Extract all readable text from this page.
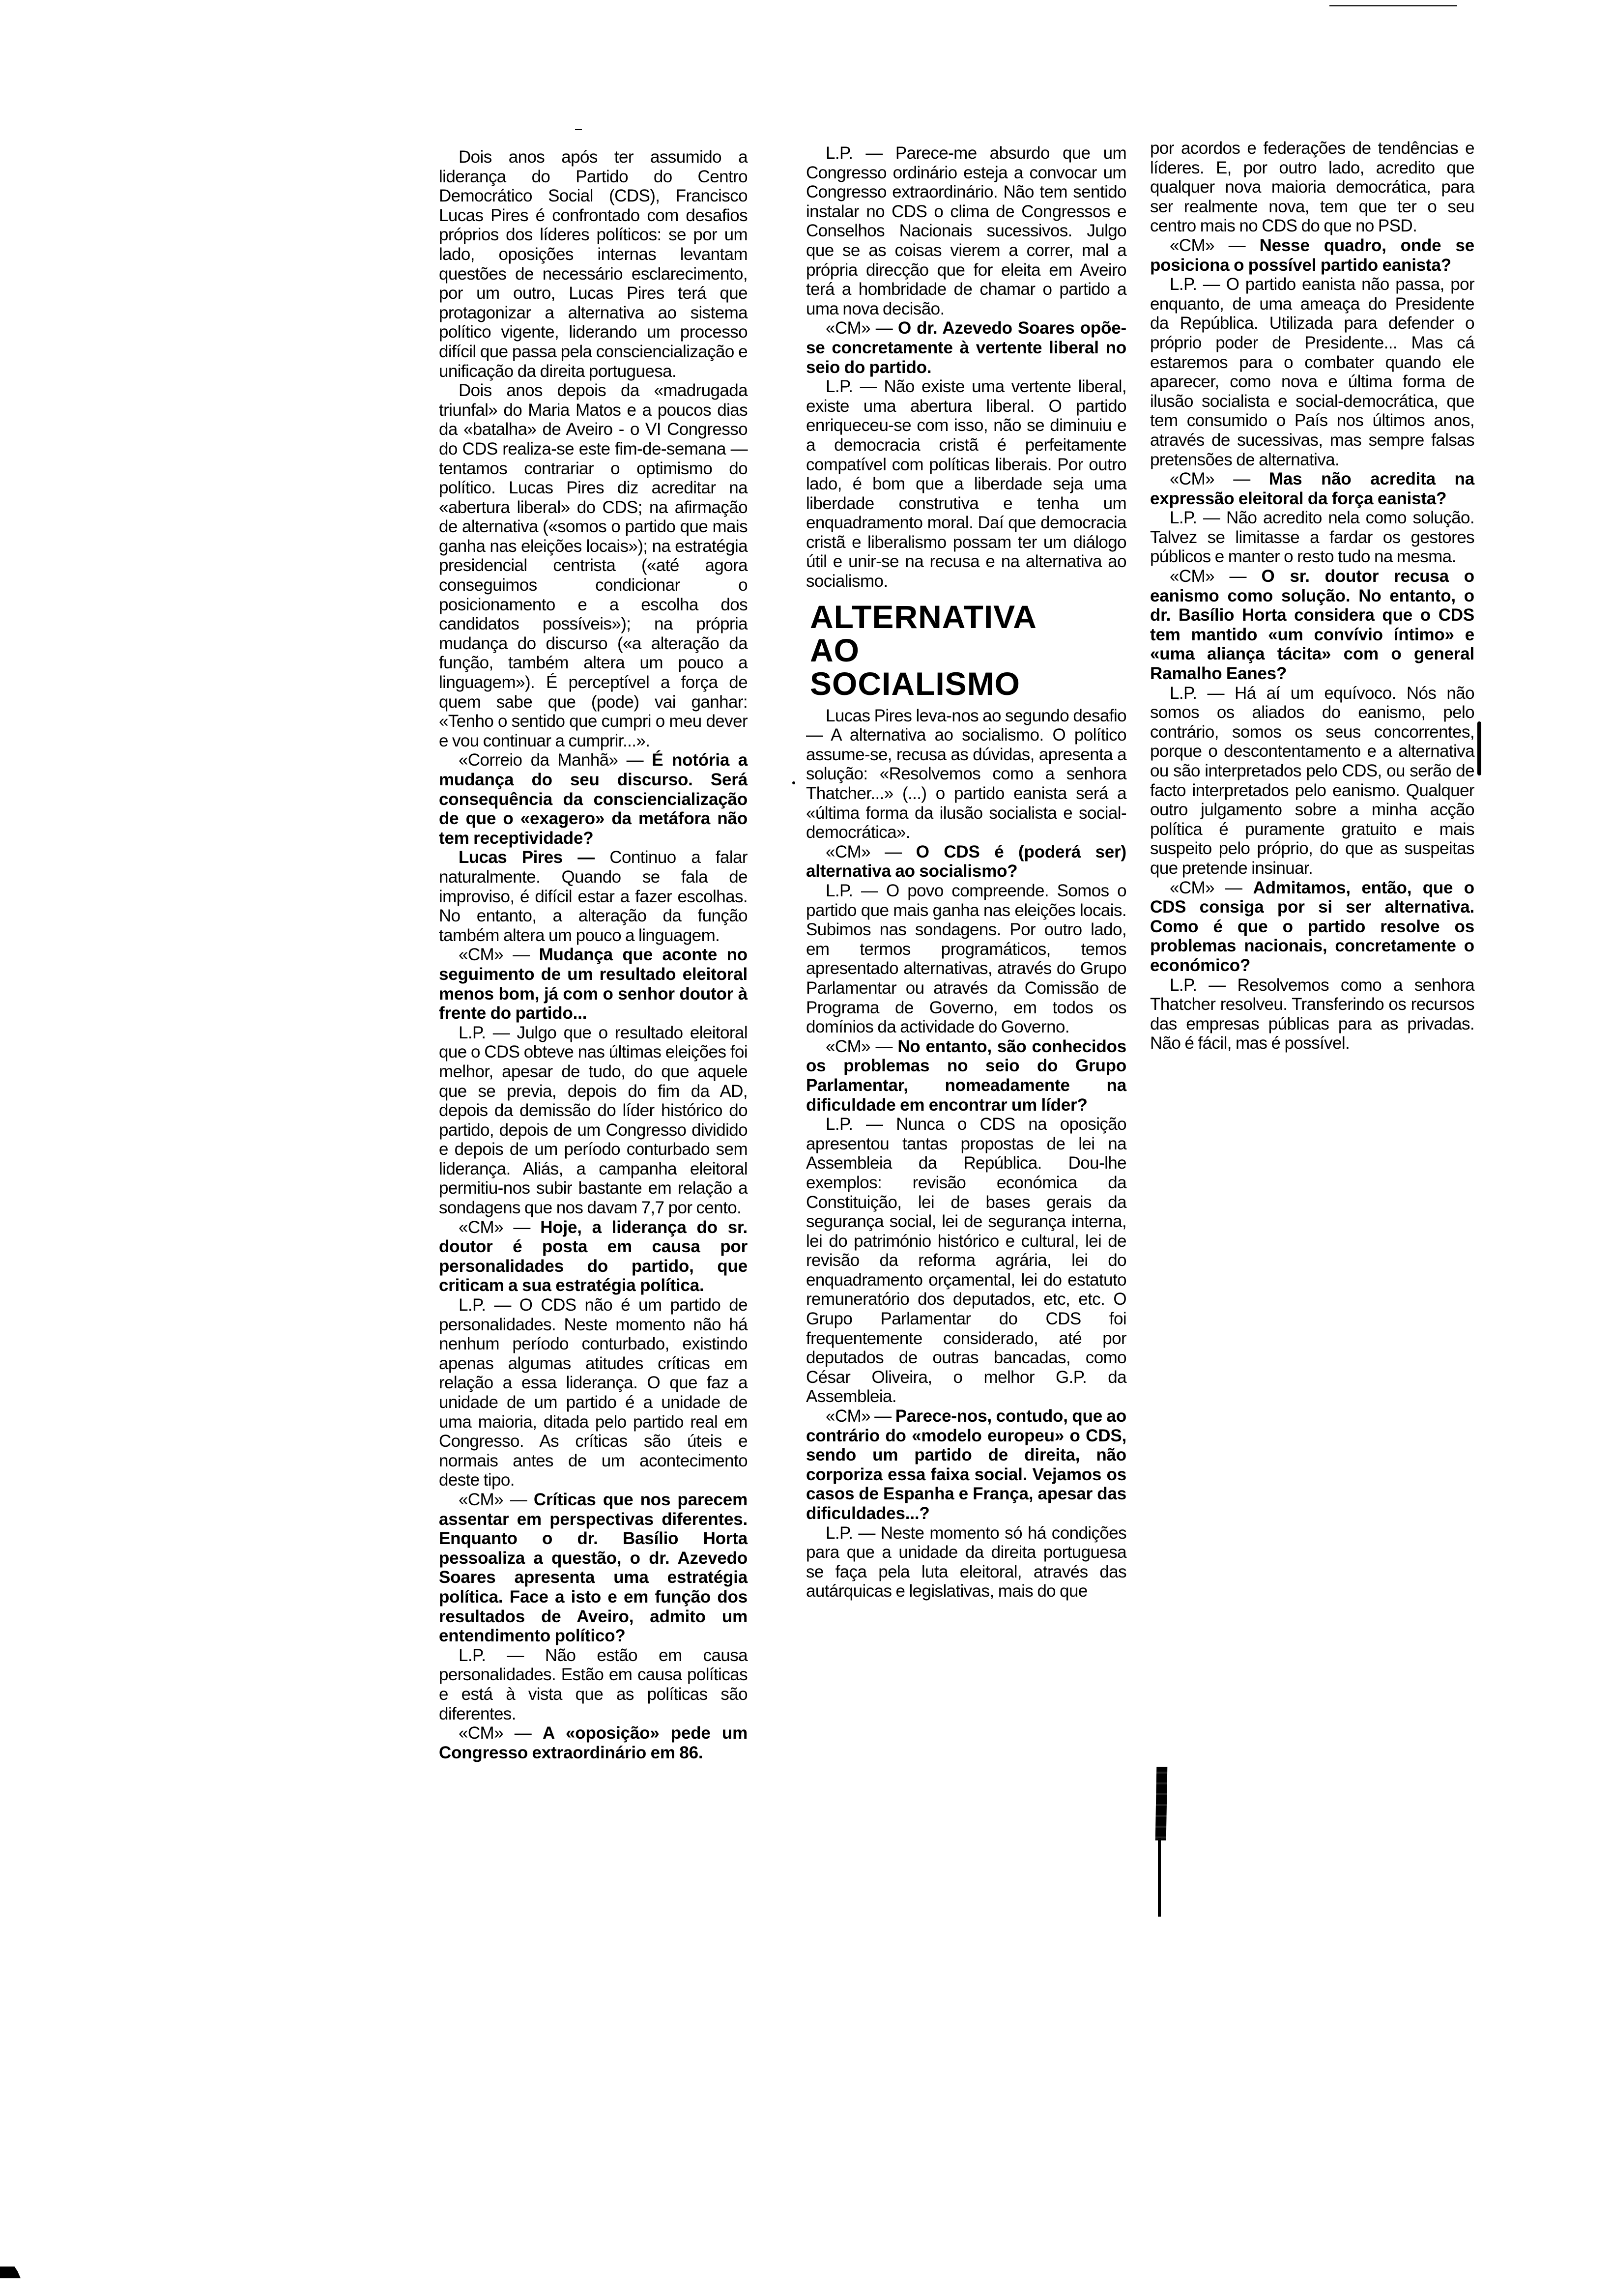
Dois anos após ter assumido a liderança do Partido do Centro Democrático Social (CDS), Francisco Lucas Pires é confrontado com desafios próprios dos líderes políticos: se por um lado, oposições internas levantam questões de necessário esclarecimento, por um outro, Lucas Pires terá que protagonizar a alternativa ao sistema político vigente, liderando um processo difícil que passa pela consciencialização e unificação da direita portuguesa.

Dois anos depois da «madrugada triunfal» do Maria Matos e a poucos dias da «batalha» de Aveiro - o VI Congresso do CDS realiza-se este fim-de-semana — tentamos contrariar o optimismo do político. Lucas Pires diz acreditar na «abertura liberal» do CDS; na afirmação de alternativa («somos o partido que mais ganha nas eleições locais»); na estratégia presidencial centrista («até agora conseguimos condicionar o posicionamento e a escolha dos candidatos possíveis»); na própria mudança do discurso («a alteração da função, também altera um pouco a linguagem»). É perceptível a força de quem sabe que (pode) vai ganhar: «Tenho o sentido que cumpri o meu dever e vou continuar a cumprir...».

«Correio da Manhã» — É notória a mudança do seu discurso. Será consequência da consciencialização de que o «exagero» da metáfora não tem receptividade?

Lucas Pires — Continuo a falar naturalmente. Quando se fala de improviso, é difícil estar a fazer escolhas. No entanto, a alteração da função também altera um pouco a linguagem.

«CM» — Mudança que aconte no seguimento de um resultado eleitoral menos bom, já com o senhor doutor à frente do partido...

L.P. — Julgo que o resultado eleitoral que o CDS obteve nas últimas eleições foi melhor, apesar de tudo, do que aquele que se previa, depois do fim da AD, depois da demissão do líder histórico do partido, depois de um Congresso dividido e depois de um período conturbado sem liderança. Aliás, a campanha eleitoral permitiu-nos subir bastante em relação a sondagens que nos davam 7,7 por cento.

«CM» — Hoje, a liderança do sr. doutor é posta em causa por personalidades do partido, que criticam a sua estratégia política.

L.P. — O CDS não é um partido de personalidades. Neste momento não há nenhum período conturbado, existindo apenas algumas atitudes críticas em relação a essa liderança. O que faz a unidade de um partido é a unidade de uma maioria, ditada pelo partido real em Congresso. As críticas são úteis e normais antes de um acontecimento deste tipo.

«CM» — Críticas que nos parecem assentar em perspectivas diferentes. Enquanto o dr. Basílio Horta pessoaliza a questão, o dr. Azevedo Soares apresenta uma estratégia política. Face a isto e em função dos resultados de Aveiro, admito um entendimento político?

L.P. — Não estão em causa personalidades. Estão em causa políticas e está à vista que as políticas são diferentes.

«CM» — A «oposição» pede um Congresso extraordinário em 86.

L.P. — Parece-me absurdo que um Congresso ordinário esteja a convocar um Congresso extraordinário. Não tem sentido instalar no CDS o clima de Congressos e Conselhos Nacionais sucessivos. Julgo que se as coisas vierem a correr, mal a própria direcção que for eleita em Aveiro terá a hombridade de chamar o partido a uma nova decisão.

«CM» — O dr. Azevedo Soares opõe-se concretamente à vertente liberal no seio do partido.

L.P. — Não existe uma vertente liberal, existe uma abertura liberal. O partido enriqueceu-se com isso, não se diminuiu e a democracia cristã é perfeitamente compatível com políticas liberais. Por outro lado, é bom que a liberdade seja uma liberdade construtiva e tenha um enquadramento moral. Daí que democracia cristã e liberalismo possam ter um diálogo útil e unir-se na recusa e na alternativa ao socialismo.

ALTERNATIVA
AO
SOCIALISMO

Lucas Pires leva-nos ao segundo desafio — A alternativa ao socialismo. O político assume-se, recusa as dúvidas, apresenta a solução: «Resolvemos como a senhora Thatcher...» (...) o partido eanista será a «última forma da ilusão socialista e social-democrática».

«CM» — O CDS é (poderá ser) alternativa ao socialismo?

L.P. — O povo compreende. Somos o partido que mais ganha nas eleições locais. Subimos nas sondagens. Por outro lado, em termos programáticos, temos apresentado alternativas, através do Grupo Parlamentar ou através da Comissão de Programa de Governo, em todos os domínios da actividade do Governo.

«CM» — No entanto, são conhecidos os problemas no seio do Grupo Parlamentar, nomeadamente na dificuldade em encontrar um líder?

L.P. — Nunca o CDS na oposição apresentou tantas propostas de lei na Assembleia da República. Dou-lhe exemplos: revisão económica da Constituição, lei de bases gerais da segurança social, lei de segurança interna, lei do património histórico e cultural, lei de revisão da reforma agrária, lei do enquadramento orçamental, lei do estatuto remuneratório dos deputados, etc, etc. O Grupo Parlamentar do CDS foi frequentemente considerado, até por deputados de outras bancadas, como César Oliveira, o melhor G.P. da Assembleia.

«CM» — Parece-nos, contudo, que ao contrário do «modelo europeu» o CDS, sendo um partido de direita, não corporiza essa faixa social. Vejamos os casos de Espanha e França, apesar das dificuldades...?

L.P. — Neste momento só há condições para que a unidade da direita portuguesa se faça pela luta eleitoral, através das autárquicas e legislativas, mais do que

por acordos e federações de tendências e líderes. E, por outro lado, acredito que qualquer nova maioria democrática, para ser realmente nova, tem que ter o seu centro mais no CDS do que no PSD.

«CM» — Nesse quadro, onde se posiciona o possível partido eanista?

L.P. — O partido eanista não passa, por enquanto, de uma ameaça do Presidente da República. Utilizada para defender o próprio poder de Presidente... Mas cá estaremos para o combater quando ele aparecer, como nova e última forma de ilusão socialista e social-democrática, que tem consumido o País nos últimos anos, através de sucessivas, mas sempre falsas pretensões de alternativa.

«CM» — Mas não acredita na expressão eleitoral da força eanista?

L.P. — Não acredito nela como solução. Talvez se limitasse a fardar os gestores públicos e manter o resto tudo na mesma.

«CM» — O sr. doutor recusa o eanismo como solução. No entanto, o dr. Basílio Horta considera que o CDS tem mantido «um convívio íntimo» e «uma aliança tácita» com o general Ramalho Eanes?

L.P. — Há aí um equívoco. Nós não somos os aliados do eanismo, pelo contrário, somos os seus concorrentes, porque o descontentamento e a alternativa ou são interpretados pelo CDS, ou serão de facto interpretados pelo eanismo. Qualquer outro julgamento sobre a minha acção política é puramente gratuito e mais suspeito pelo próprio, do que as suspeitas que pretende insinuar.

«CM» — Admitamos, então, que o CDS consiga por si ser alternativa. Como é que o partido resolve os problemas nacionais, concretamente o económico?

L.P. — Resolvemos como a senhora Thatcher resolveu. Transferindo os recursos das empresas públicas para as privadas. Não é fácil, mas é possível.
